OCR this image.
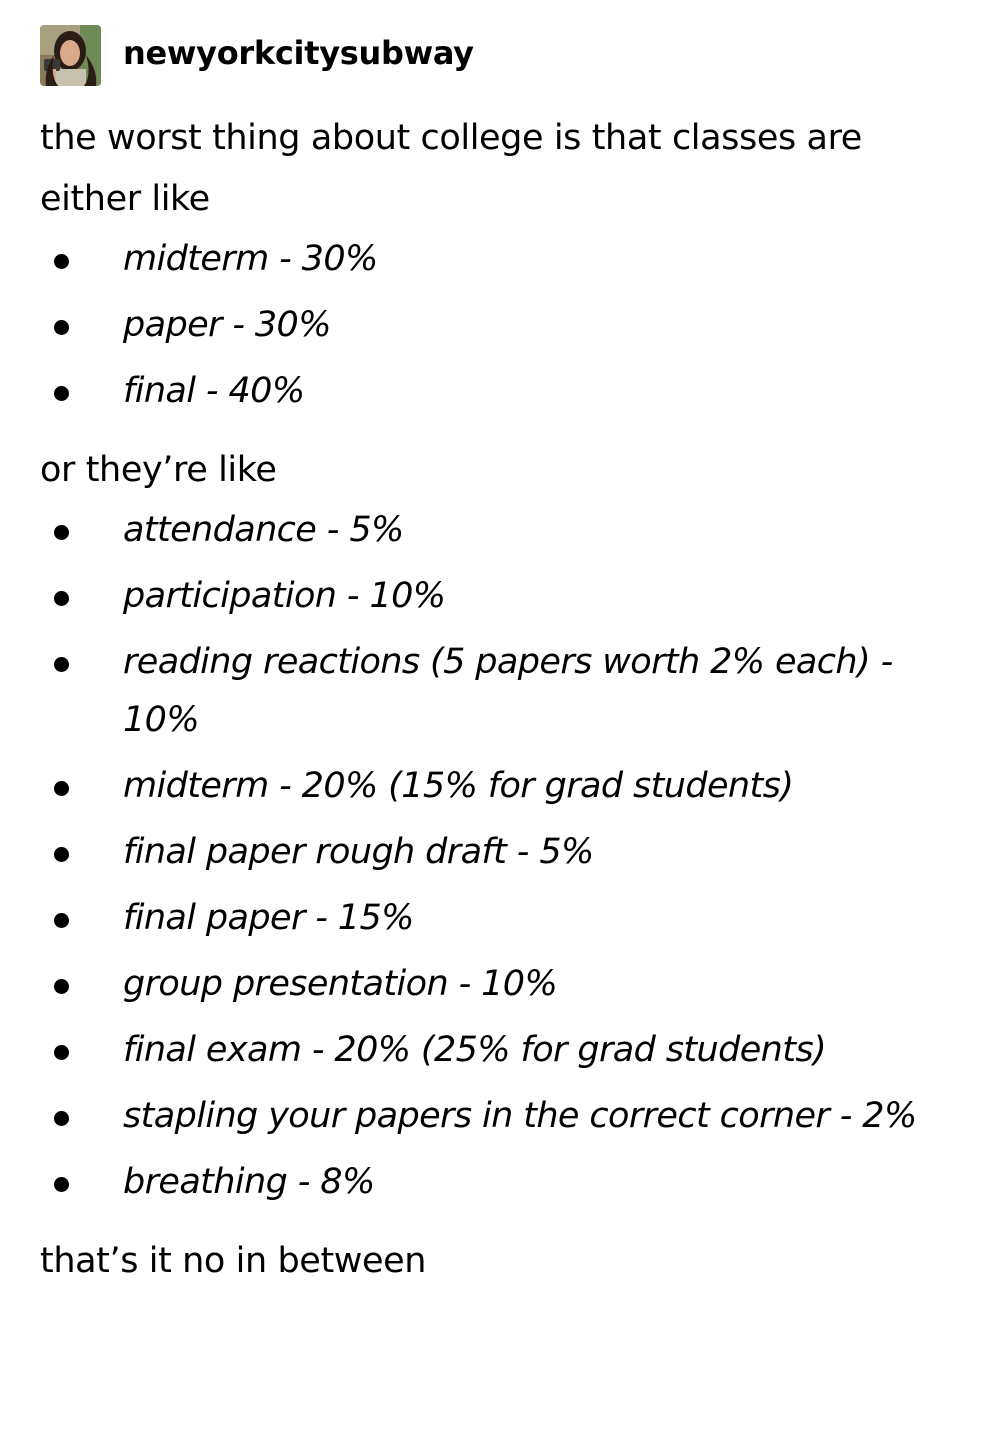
newyorkcitysubway

the worst thing about college is that classes are either like

midterm - 30%
paper - 30%
final - 40%

or they’re like

attendance - 5%
participation - 10%
reading reactions (5 papers worth 2% each) - 10%
midterm - 20% (15% for grad students)
final paper rough draft - 5%
final paper - 15%
group presentation - 10%
final exam - 20% (25% for grad students)
stapling your papers in the correct corner - 2%
breathing - 8%

that’s it no in between
